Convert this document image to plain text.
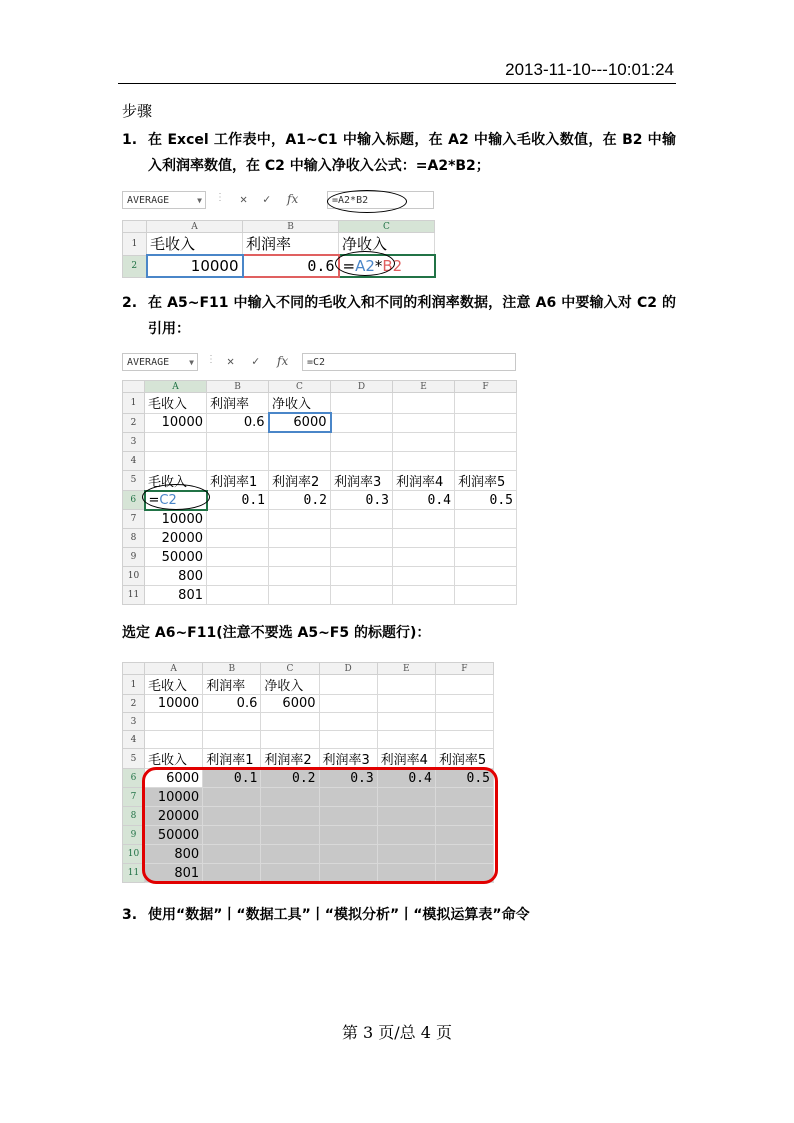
2013-11-10---10:01:24
步骤
1. 在 Excel 工作表中，A1~C1 中输入标题，在 A2 中输入毛收入数值，在 B2 中输入利润率数值，在 C2 中输入净收入公式：=A2*B2；
AVERAGE	▼ ⋮ ✕ ✓ fx	=A2*B2
	A	B	C
1	毛收入	利润率	净收入
2	10000	0.6	=A2*B2
2. 在 A5~F11 中输入不同的毛收入和不同的利润率数据，注意 A6 中要输入对 C2 的引用：
AVERAGE	▼ ⋮ ✕ ✓ fx	=C2
	A	B	C	D	E	F
1	毛收入	利润率	净收入			
2	10000	0.6	6000			
3						
4						
5	毛收入	利润率1	利润率2	利润率3	利润率4	利润率5
6	=C2	0.1	0.2	0.3	0.4	0.5
7	10000					
8	20000					
9	50000					
10	800					
11	801					
选定 A6~F11(注意不要选 A5~F5 的标题行)：
	A	B	C	D	E	F
1	毛收入	利润率	净收入			
2	10000	0.6	6000			
3						
4						
5	毛收入	利润率1	利润率2	利润率3	利润率4	利润率5
6	6000	0.1	0.2	0.3	0.4	0.5
7	10000					
8	20000					
9	50000					
10	800					
11	801					
3. 使用“数据”丨“数据工具”丨“模拟分析”丨“模拟运算表”命令
第 3 页/总 4 页
